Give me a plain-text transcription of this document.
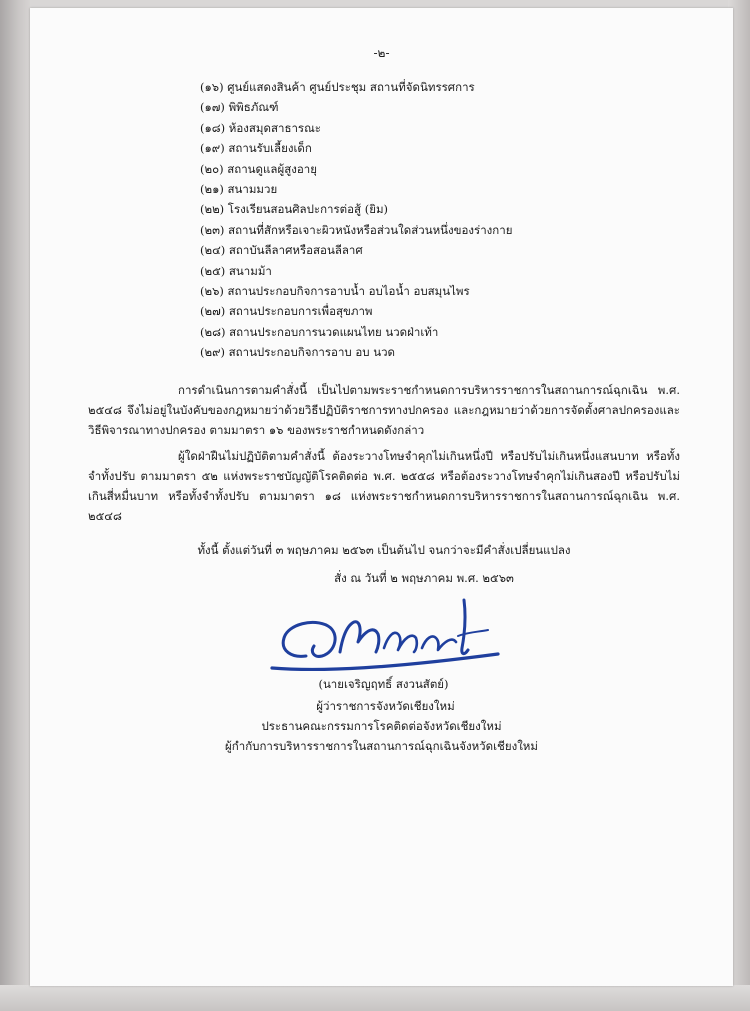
-๒-
(๑๖) ศูนย์แสดงสินค้า ศูนย์ประชุม สถานที่จัดนิทรรศการ
(๑๗) พิพิธภัณฑ์
(๑๘) ห้องสมุดสาธารณะ
(๑๙) สถานรับเลี้ยงเด็ก
(๒๐) สถานดูแลผู้สูงอายุ
(๒๑) สนามมวย
(๒๒) โรงเรียนสอนศิลปะการต่อสู้ (ยิม)
(๒๓) สถานที่สักหรือเจาะผิวหนังหรือส่วนใดส่วนหนึ่งของร่างกาย
(๒๔) สถาบันลีลาศหรือสอนลีลาศ
(๒๕) สนามม้า
(๒๖) สถานประกอบกิจการอาบน้ำ อบไอน้ำ อบสมุนไพร
(๒๗) สถานประกอบการเพื่อสุขภาพ
(๒๘) สถานประกอบการนวดแผนไทย นวดฝ่าเท้า
(๒๙) สถานประกอบกิจการอาบ อบ นวด

การดำเนินการตามคำสั่งนี้ เป็นไปตามพระราชกำหนดการบริหารราชการในสถานการณ์ฉุกเฉิน พ.ศ. ๒๕๔๘ จึงไม่อยู่ในบังคับของกฎหมายว่าด้วยวิธีปฏิบัติราชการทางปกครอง และกฎหมายว่าด้วยการจัดตั้งศาลปกครองและวิธีพิจารณาทางปกครอง ตามมาตรา ๑๖ ของพระราชกำหนดดังกล่าว

ผู้ใดฝ่าฝืนไม่ปฏิบัติตามคำสั่งนี้ ต้องระวางโทษจำคุกไม่เกินหนึ่งปี หรือปรับไม่เกินหนึ่งแสนบาท หรือทั้งจำทั้งปรับ ตามมาตรา ๕๒ แห่งพระราชบัญญัติโรคติดต่อ พ.ศ. ๒๕๕๘ หรือต้องระวางโทษจำคุกไม่เกินสองปี หรือปรับไม่เกินสี่หมื่นบาท หรือทั้งจำทั้งปรับ ตามมาตรา ๑๘ แห่งพระราชกำหนดการบริหารราชการในสถานการณ์ฉุกเฉิน พ.ศ. ๒๕๔๘

ทั้งนี้ ตั้งแต่วันที่ ๓ พฤษภาคม ๒๕๖๓ เป็นต้นไป จนกว่าจะมีคำสั่งเปลี่ยนแปลง
สั่ง ณ วันที่ ๒ พฤษภาคม พ.ศ. ๒๕๖๓
(นายเจริญฤทธิ์ สงวนสัตย์)
ผู้ว่าราชการจังหวัดเชียงใหม่
ประธานคณะกรรมการโรคติดต่อจังหวัดเชียงใหม่
ผู้กำกับการบริหารราชการในสถานการณ์ฉุกเฉินจังหวัดเชียงใหม่
